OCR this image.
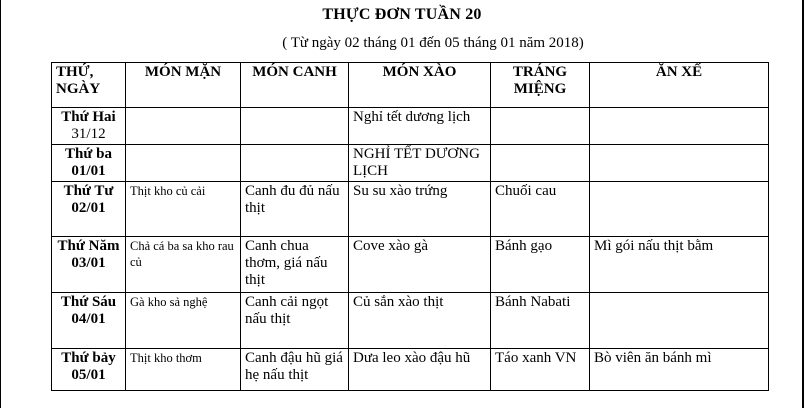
THỰC ĐƠN TUẦN 20
( Từ ngày 02 tháng 01 đến 05 tháng 01 năm 2018)
THỨ, NGÀY	MÓN MẶN	MÓN CANH	MÓN XÀO	TRÁNG MIỆNG	ĂN XẾ
Thứ Hai
31/12			Nghỉ tết dương lịch		
Thứ ba
01/01			NGHỈ TẾT DƯƠNG LỊCH		
Thứ Tư
02/01	Thịt kho củ cải	Canh đu đủ nấu thịt	Su su xào trứng	Chuối cau	
Thứ Năm
03/01	Chả cá ba sa kho rau củ	Canh chua thơm, giá nấu thịt	Cove xào gà	Bánh gạo	Mì gói nấu thịt bằm
Thứ Sáu
04/01	Gà kho sả nghệ	Canh cải ngọt nấu thịt	Củ sắn xào thịt	Bánh Nabati	
Thứ bảy
05/01	Thịt kho thơm	Canh đậu hũ giá hẹ nấu thịt	Dưa leo xào đậu hũ	Táo xanh VN	Bò viên ăn bánh mì
